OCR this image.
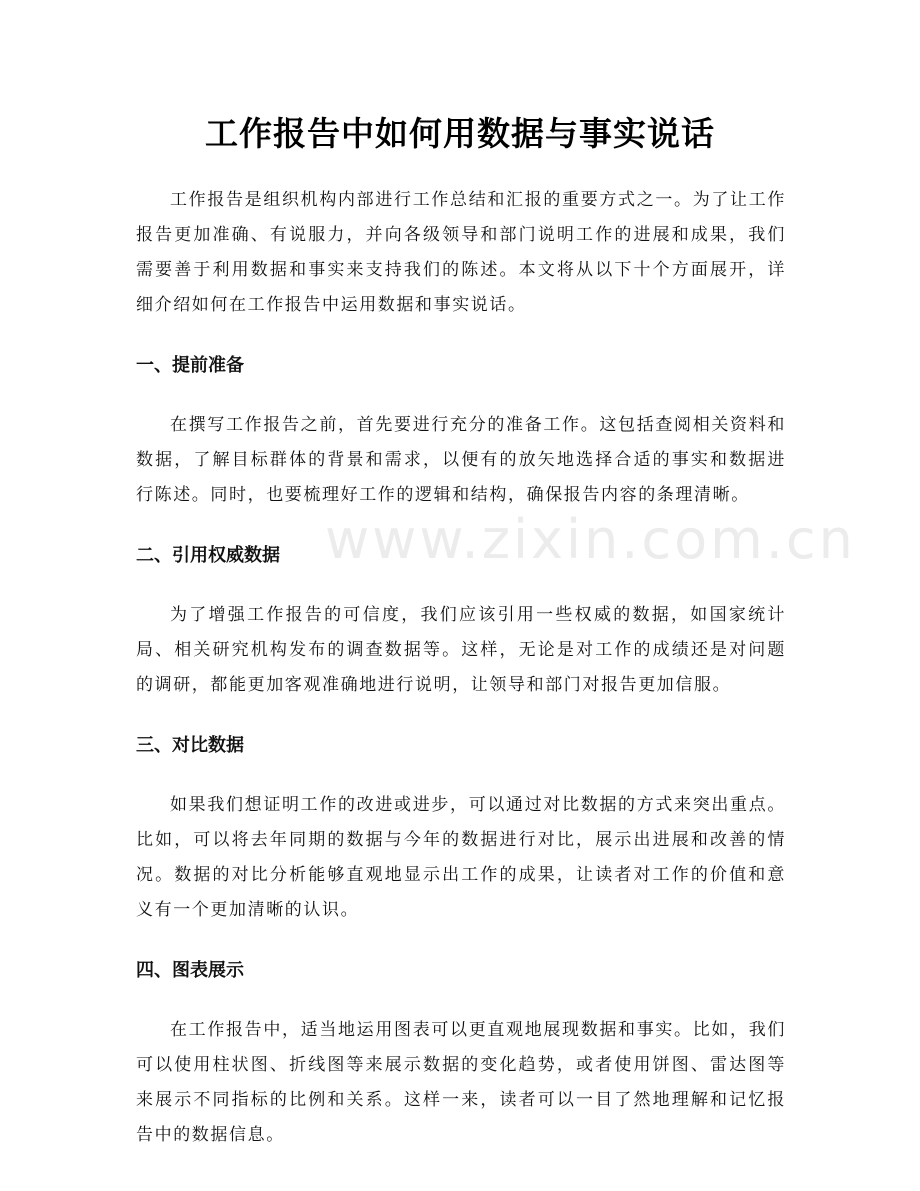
www.zixin.com.cn
工作报告中如何用数据与事实说话

工作报告是组织机构内部进行工作总结和汇报的重要方式之一。为了让工作报告更加准确、有说服力，并向各级领导和部门说明工作的进展和成果，我们需要善于利用数据和事实来支持我们的陈述。本文将从以下十个方面展开，详细介绍如何在工作报告中运用数据和事实说话。

一、提前准备

在撰写工作报告之前，首先要进行充分的准备工作。这包括查阅相关资料和数据，了解目标群体的背景和需求，以便有的放矢地选择合适的事实和数据进行陈述。同时，也要梳理好工作的逻辑和结构，确保报告内容的条理清晰。

二、引用权威数据

为了增强工作报告的可信度，我们应该引用一些权威的数据，如国家统计局、相关研究机构发布的调查数据等。这样，无论是对工作的成绩还是对问题的调研，都能更加客观准确地进行说明，让领导和部门对报告更加信服。

三、对比数据

如果我们想证明工作的改进或进步，可以通过对比数据的方式来突出重点。比如，可以将去年同期的数据与今年的数据进行对比，展示出进展和改善的情况。数据的对比分析能够直观地显示出工作的成果，让读者对工作的价值和意义有一个更加清晰的认识。

四、图表展示

在工作报告中，适当地运用图表可以更直观地展现数据和事实。比如，我们可以使用柱状图、折线图等来展示数据的变化趋势，或者使用饼图、雷达图等来展示不同指标的比例和关系。这样一来，读者可以一目了然地理解和记忆报告中的数据信息。
